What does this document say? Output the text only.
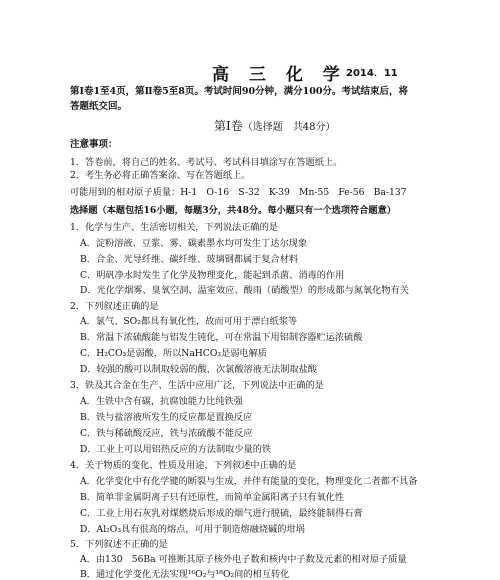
高 三 化 学 2014．11
第Ⅰ卷1至4页，第Ⅱ卷5至8页。考试时间90分钟，满分100分。考试结束后，将
答题纸交回。
第Ⅰ卷（选择题　共48分）
注意事项：
1．答卷前，将自己的姓名、考试号、考试科目填涂写在答题纸上。
2．考生务必将正确答案涂、写在答题纸上。
可能用到的相对原子质量：H-1　O-16　S-32　K-39　Mn-55　Fe-56　Ba-137
选择题（本题包括16小题，每题3分，共48分。每小题只有一个选项符合题意）
1．化学与生产、生活密切相关，下列说法正确的是
A．淀粉溶液、豆浆、雾、碳素墨水均可发生丁达尔现象
B．合金、光导纤维、碳纤维、玻璃钢都属于复合材料
C．明矾净水时发生了化学及物理变化，能起到杀菌、消毒的作用
D．光化学烟雾、臭氧空洞、温室效应、酸雨（硝酸型）的形成都与氮氧化物有关
2．下列叙述正确的是
A．氯气、SO₂都具有氧化性，故而可用于漂白纸浆等
B．常温下浓硫酸能与铝发生钝化，可在常温下用铝制容器贮运浓硫酸
C．H₂CO₃是弱酸，所以NaHCO₃是弱电解质
D．较强的酸可以制取较弱的酸，次氯酸溶液无法制取盐酸
3．铁及其合金在生产、生活中应用广泛，下列说法中正确的是
A．生铁中含有碳，抗腐蚀能力比纯铁强
B．铁与盐溶液所发生的反应都是置换反应
C．铁与稀硫酸反应，铁与浓硫酸不能反应
D．工业上可以用铝热反应的方法制取少量的铁
4．关于物质的变化、性质及用途，下列叙述中正确的是
A．化学变化中有化学键的断裂与生成，并伴有能量的变化，物理变化二者都不具备
B．简单非金属阴离子只有还原性，而简单金属阳离子只有氧化性
C．工业上用石灰乳对煤燃烧后形成的烟气进行脱硫，最终能制得石膏
D．Al₂O₃具有很高的熔点，可用于制造熔融烧碱的坩埚
5．下列叙述不正确的是
A．由130　56Ba 可推断其原子核外电子数和核内中子数及元素的相对原子质量
B．通过化学变化无法实现¹⁶O₂与¹⁸O₂间的相互转化
